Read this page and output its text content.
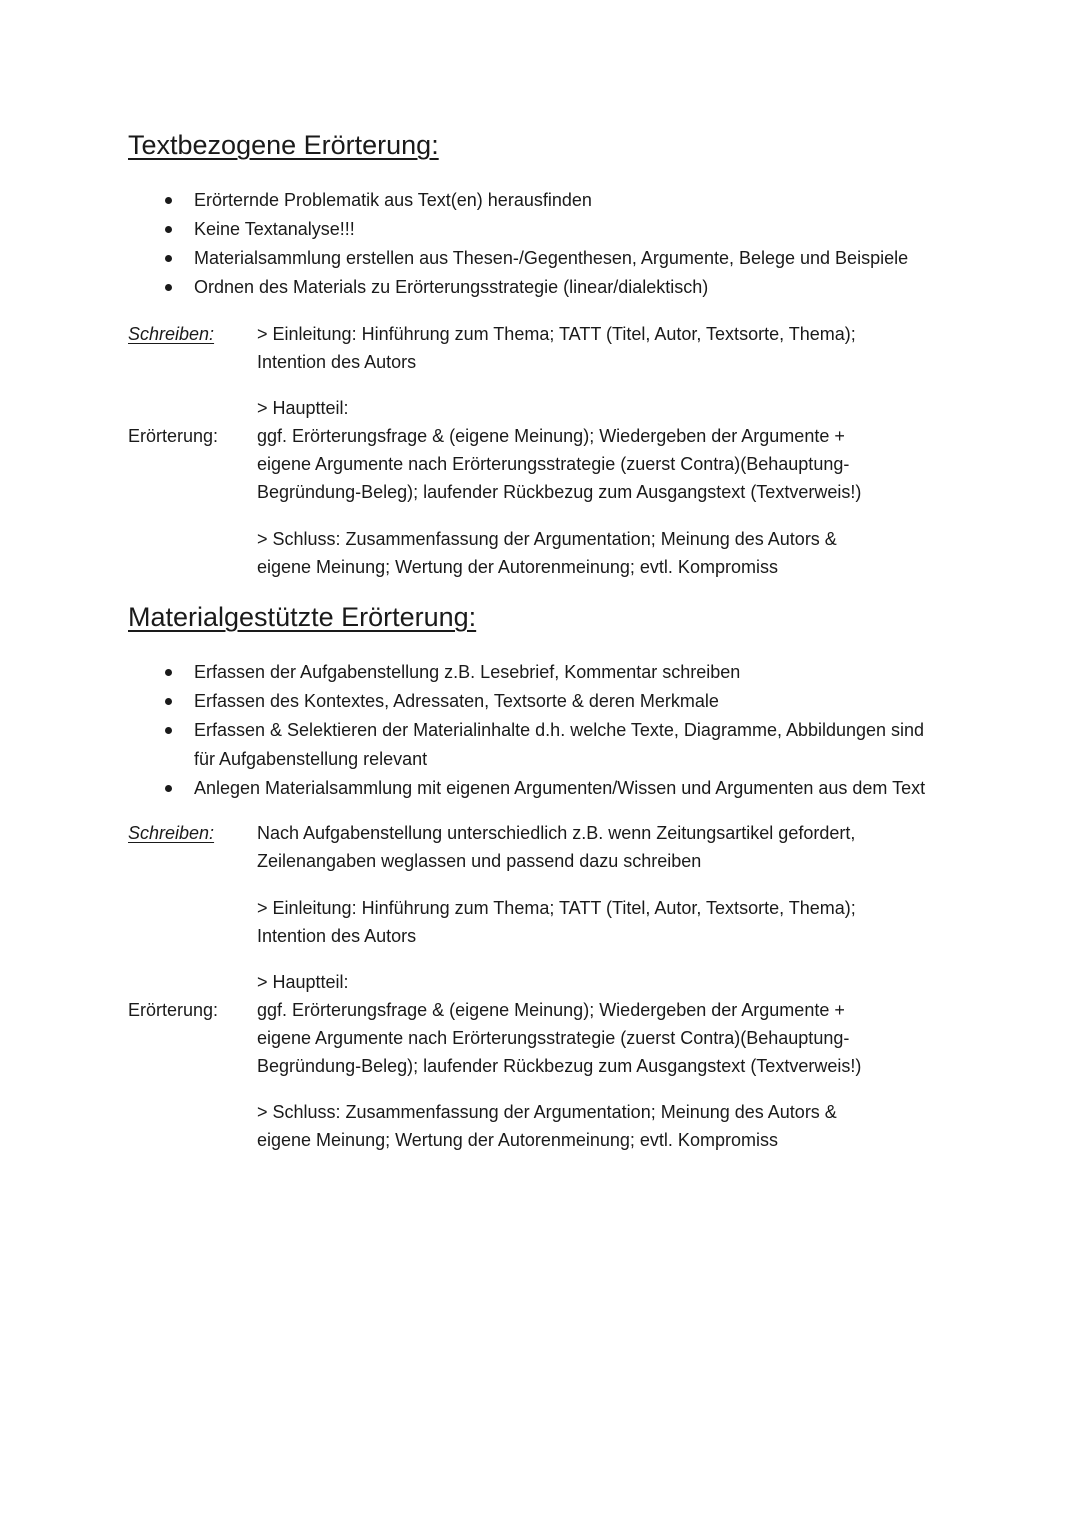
Textbezogene Erörterung:
Erörternde Problematik aus Text(en) herausfinden
Keine Textanalyse!!!
Materialsammlung erstellen aus Thesen-/Gegenthesen, Argumente, Belege und Beispiele
Ordnen des Materials zu Erörterungsstrategie (linear/dialektisch)
Schreiben: > Einleitung: Hinführung zum Thema; TATT (Titel, Autor, Textsorte, Thema);
Intention des Autors
Erörterung:
> Hauptteil:
ggf. Erörterungsfrage & (eigene Meinung); Wiedergeben der Argumente +
eigene Argumente nach Erörterungsstrategie (zuerst Contra)(Behauptung-
Begründung-Beleg); laufender Rückbezug zum Ausgangstext (Textverweis!)
> Schluss: Zusammenfassung der Argumentation; Meinung des Autors &
eigene Meinung; Wertung der Autorenmeinung; evtl. Kompromiss
Materialgestützte Erörterung:
Erfassen der Aufgabenstellung z.B. Lesebrief, Kommentar schreiben
Erfassen des Kontextes, Adressaten, Textsorte & deren Merkmale
Erfassen & Selektieren der Materialinhalte d.h. welche Texte, Diagramme, Abbildungen sind
für Aufgabenstellung relevant
Anlegen Materialsammlung mit eigenen Argumenten/Wissen und Argumenten aus dem Text
Schreiben: Nach Aufgabenstellung unterschiedlich z.B. wenn Zeitungsartikel gefordert,
Zeilenangaben weglassen und passend dazu schreiben
> Einleitung: Hinführung zum Thema; TATT (Titel, Autor, Textsorte, Thema);
Intention des Autors
Erörterung:
> Hauptteil:
ggf. Erörterungsfrage & (eigene Meinung); Wiedergeben der Argumente +
eigene Argumente nach Erörterungsstrategie (zuerst Contra)(Behauptung-
Begründung-Beleg); laufender Rückbezug zum Ausgangstext (Textverweis!)
> Schluss: Zusammenfassung der Argumentation; Meinung des Autors &
eigene Meinung; Wertung der Autorenmeinung; evtl. Kompromiss
